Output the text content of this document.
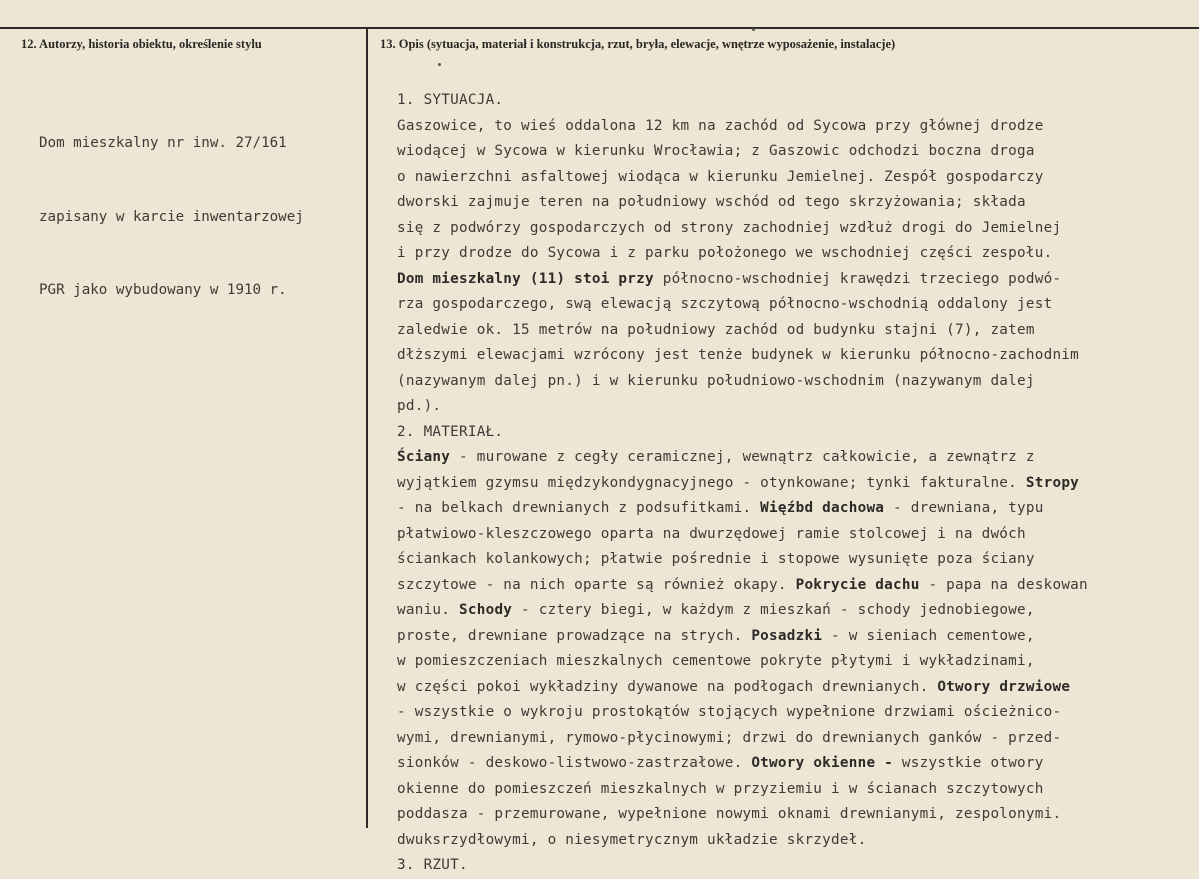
12. Autorzy, historia obiektu, określenie stylu	13. Opis (sytuacja, materiał i konstrukcja, rzut, bryła, elewacje, wnętrze wyposażenie, instalacje)

Dom mieszkalny nr inw. 27/161

zapisany w karcie inwentarzowej

PGR jako wybudowany w 1910 r.

1. SYTUACJA.
Gaszowice, to wieś oddalona 12 km na zachód od Sycowa przy głównej drodze
wiodącej w Sycowa w kierunku Wrocławia; z Gaszowic odchodzi boczna droga
o nawierzchni asfaltowej wiodąca w kierunku Jemielnej. Zespół gospodarczy
dworski zajmuje teren na południowy wschód od tego skrzyżowania; składa
się z podwórzy gospodarczych od strony zachodniej wzdłuż drogi do Jemielnej
i przy drodze do Sycowa i z parku położonego we wschodniej części zespołu.
Dom mieszkalny (11) stoi przy północno-wschodniej krawędzi trzeciego podwó-
rza gospodarczego, swą elewacją szczytową północno-wschodnią oddalony jest
zaledwie ok. 15 metrów na południowy zachód od budynku stajni (7), zatem
dłższymi elewacjami wzrócony jest tenże budynek w kierunku północno-zachodnim
(nazywanym dalej pn.) i w kierunku południowo-wschodnim (nazywanym dalej
pd.).
2. MATERIAŁ.
Ściany - murowane z cegły ceramicznej, wewnątrz całkowicie, a zewnątrz z
wyjątkiem gzymsu międzykondygnacyjnego - otynkowane; tynki fakturalne. Stropy
- na belkach drewnianych z podsufitkami. Więźbd dachowa - drewniana, typu
płatwiowo-kleszczowego oparta na dwurzędowej ramie stolcowej i na dwóch
ściankach kolankowych; płatwie pośrednie i stopowe wysunięte poza ściany
szczytowe - na nich oparte są również okapy. Pokrycie dachu - papa na deskowan
waniu. Schody - cztery biegi, w każdym z mieszkań - schody jednobiegowe,
proste, drewniane prowadzące na strych. Posadzki - w sieniach cementowe,
w pomieszczeniach mieszkalnych cementowe pokryte płytymi i wykładzinami,
w części pokoi wykładziny dywanowe na podłogach drewnianych. Otwory drzwiowe
- wszystkie o wykroju prostokątów stojących wypełnione drzwiami ościeżnico-
wymi, drewnianymi, rymowo-płycinowymi; drzwi do drewnianych ganków - przed-
sionków - deskowo-listwowo-zastrzałowe. Otwory okienne - wszystkie otwory
okienne do pomieszczeń mieszkalnych w przyziemiu i w ścianach szczytowych
poddasza - przemurowane, wypełnione nowymi oknami drewnianymi, zespolonymi.
dwuksrzydłowymi, o niesymetrycznym układzie skrzydeł.
3. RZUT.
